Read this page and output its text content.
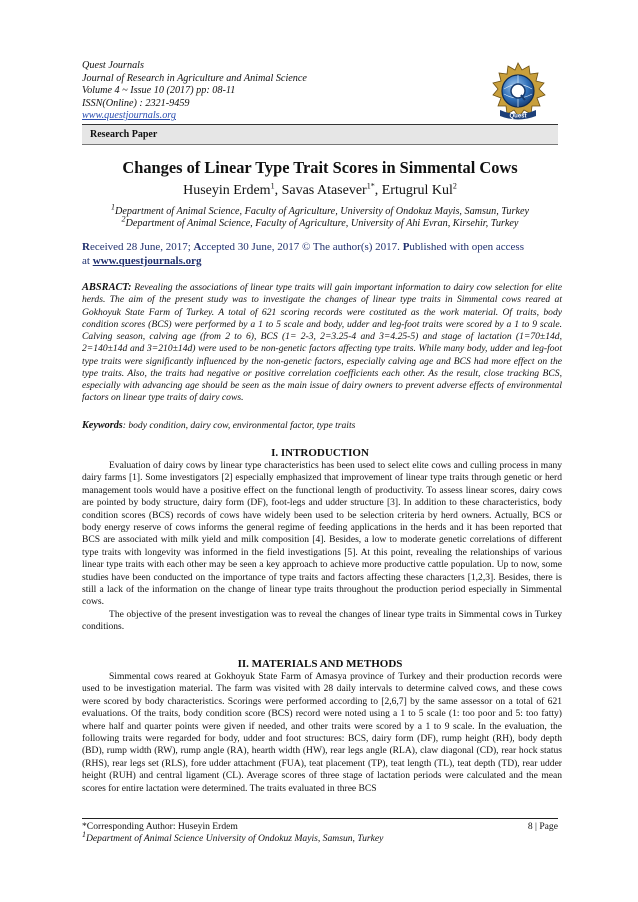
Quest Journals
Journal of Research in Agriculture and Animal Science
Volume 4 ~ Issue 10 (2017) pp: 08-11
ISSN(Online) : 2321-9459
www.questjournals.org	Quest
Research Paper
Changes of Linear Type Trait Scores in Simmental Cows
Huseyin Erdem$^1$, Savas Atasever$^{1*}$, Ertugrul Kul$^2$
$^1$Department of Animal Science, Faculty of Agriculture, University of Ondokuz Mayis, Samsun, Turkey
$^2$Department of Animal Science, Faculty of Agriculture, University of Ahi Evran, Kirsehir, Turkey
Received 28 June, 2017; Accepted 30 June, 2017 © The author(s) 2017. Published with open access
at www.questjournals.org
ABSRACT: Revealing the associations of linear type traits will gain important information to dairy cow selection for elite herds. The aim of the present study was to investigate the changes of linear type traits in Simmental cows reared at Gokhoyuk State Farm of Turkey. A total of 621 scoring records were costituted as the work material. Of traits, body condition scores (BCS) were performed by a 1 to 5 scale and body, udder and leg-foot traits were scored by a 1 to 9 scale. Calving season, calving age (from 2 to 6), BCS (1= 2-3, 2=3.25-4 and 3=4.25-5) and stage of lactation (1=70±14d, 2=140±14d and 3=210±14d) were used to be non-genetic factors affecting type traits. While many body, udder and leg-foot type traits were significantly influenced by the non-genetic factors, especially calving age and BCS had more effect on the type traits. Also, the traits had negative or positive correlation coefficients each other. As the result, close tracking BCS, especially with advancing age should be seen as the main issue of dairy owners to prevent adverse effects of environmental factors on linear type traits of dairy cows.
Keywords: body condition, dairy cow, environmental factor, type traits
I. INTRODUCTION

Evaluation of dairy cows by linear type characteristics has been used to select elite cows and culling process in many dairy farms [1]. Some investigators [2] especially emphasized that improvement of linear type traits through genetic or herd management tools would have a positive effect on the functional length of productivity. To assess linear scores, dairy cows are pointed by body structure, dairy form (DF), foot-legs and udder structure [3]. In addition to these characteristics, body condition scores (BCS) records of cows have widely been used to be selection criteria by herd owners. Actually, BCS or body energy reserve of cows informs the general regime of feeding applications in the herds and it has been reported that BCS are associated with milk yield and milk composition [4]. Besides, a low to moderate genetic correlations of different type traits with longevity was informed in the field investigations [5]. At this point, revealing the relationships of various linear type traits with each other may be seen a key approach to achieve more productive cattle population. Up to now, some studies have been conducted on the importance of type traits and factors affecting these characters [1,2,3]. Besides, there is still a lack of the information on the change of linear type traits throughout the production period especially in Simmental cows.

The objective of the present investigation was to reveal the changes of linear type traits in Simmental cows in Turkey conditions.

II. MATERIALS AND METHODS

Simmental cows reared at Gokhoyuk State Farm of Amasya province of Turkey and their production records were used to be investigation material. The farm was visited with 28 daily intervals to determine calved cows, and these cows were scored by body characteristics. Scorings were performed according to [2,6,7] by the same assessor on a total of 621 evaluations. Of the traits, body condition score (BCS) record were noted using a 1 to 5 scale (1: too poor and 5: too fatty) where half and quarter points were given if needed, and other traits were scored by a 1 to 9 scale. In the evaluation, the following traits were regarded for body, udder and foot structures: BCS, dairy form (DF), rump height (RH), body depth (BD), rump width (RW), rump angle (RA), hearth width (HW), rear legs angle (RLA), claw diagonal (CD), rear hock status (RHS), rear legs set (RLS), fore udder attachment (FUA), teat placement (TP), teat length (TL), teat depth (TD), rear udder height (RUH) and central ligament (CL). Average scores of three stage of lactation periods were calculated and the mean scores for entire lactation were determined. The traits evaluated in three BCS

*Corresponding Author: Huseyin Erdem	8 | Page
$^1$Department of Animal Science University of Ondokuz Mayis, Samsun, Turkey
